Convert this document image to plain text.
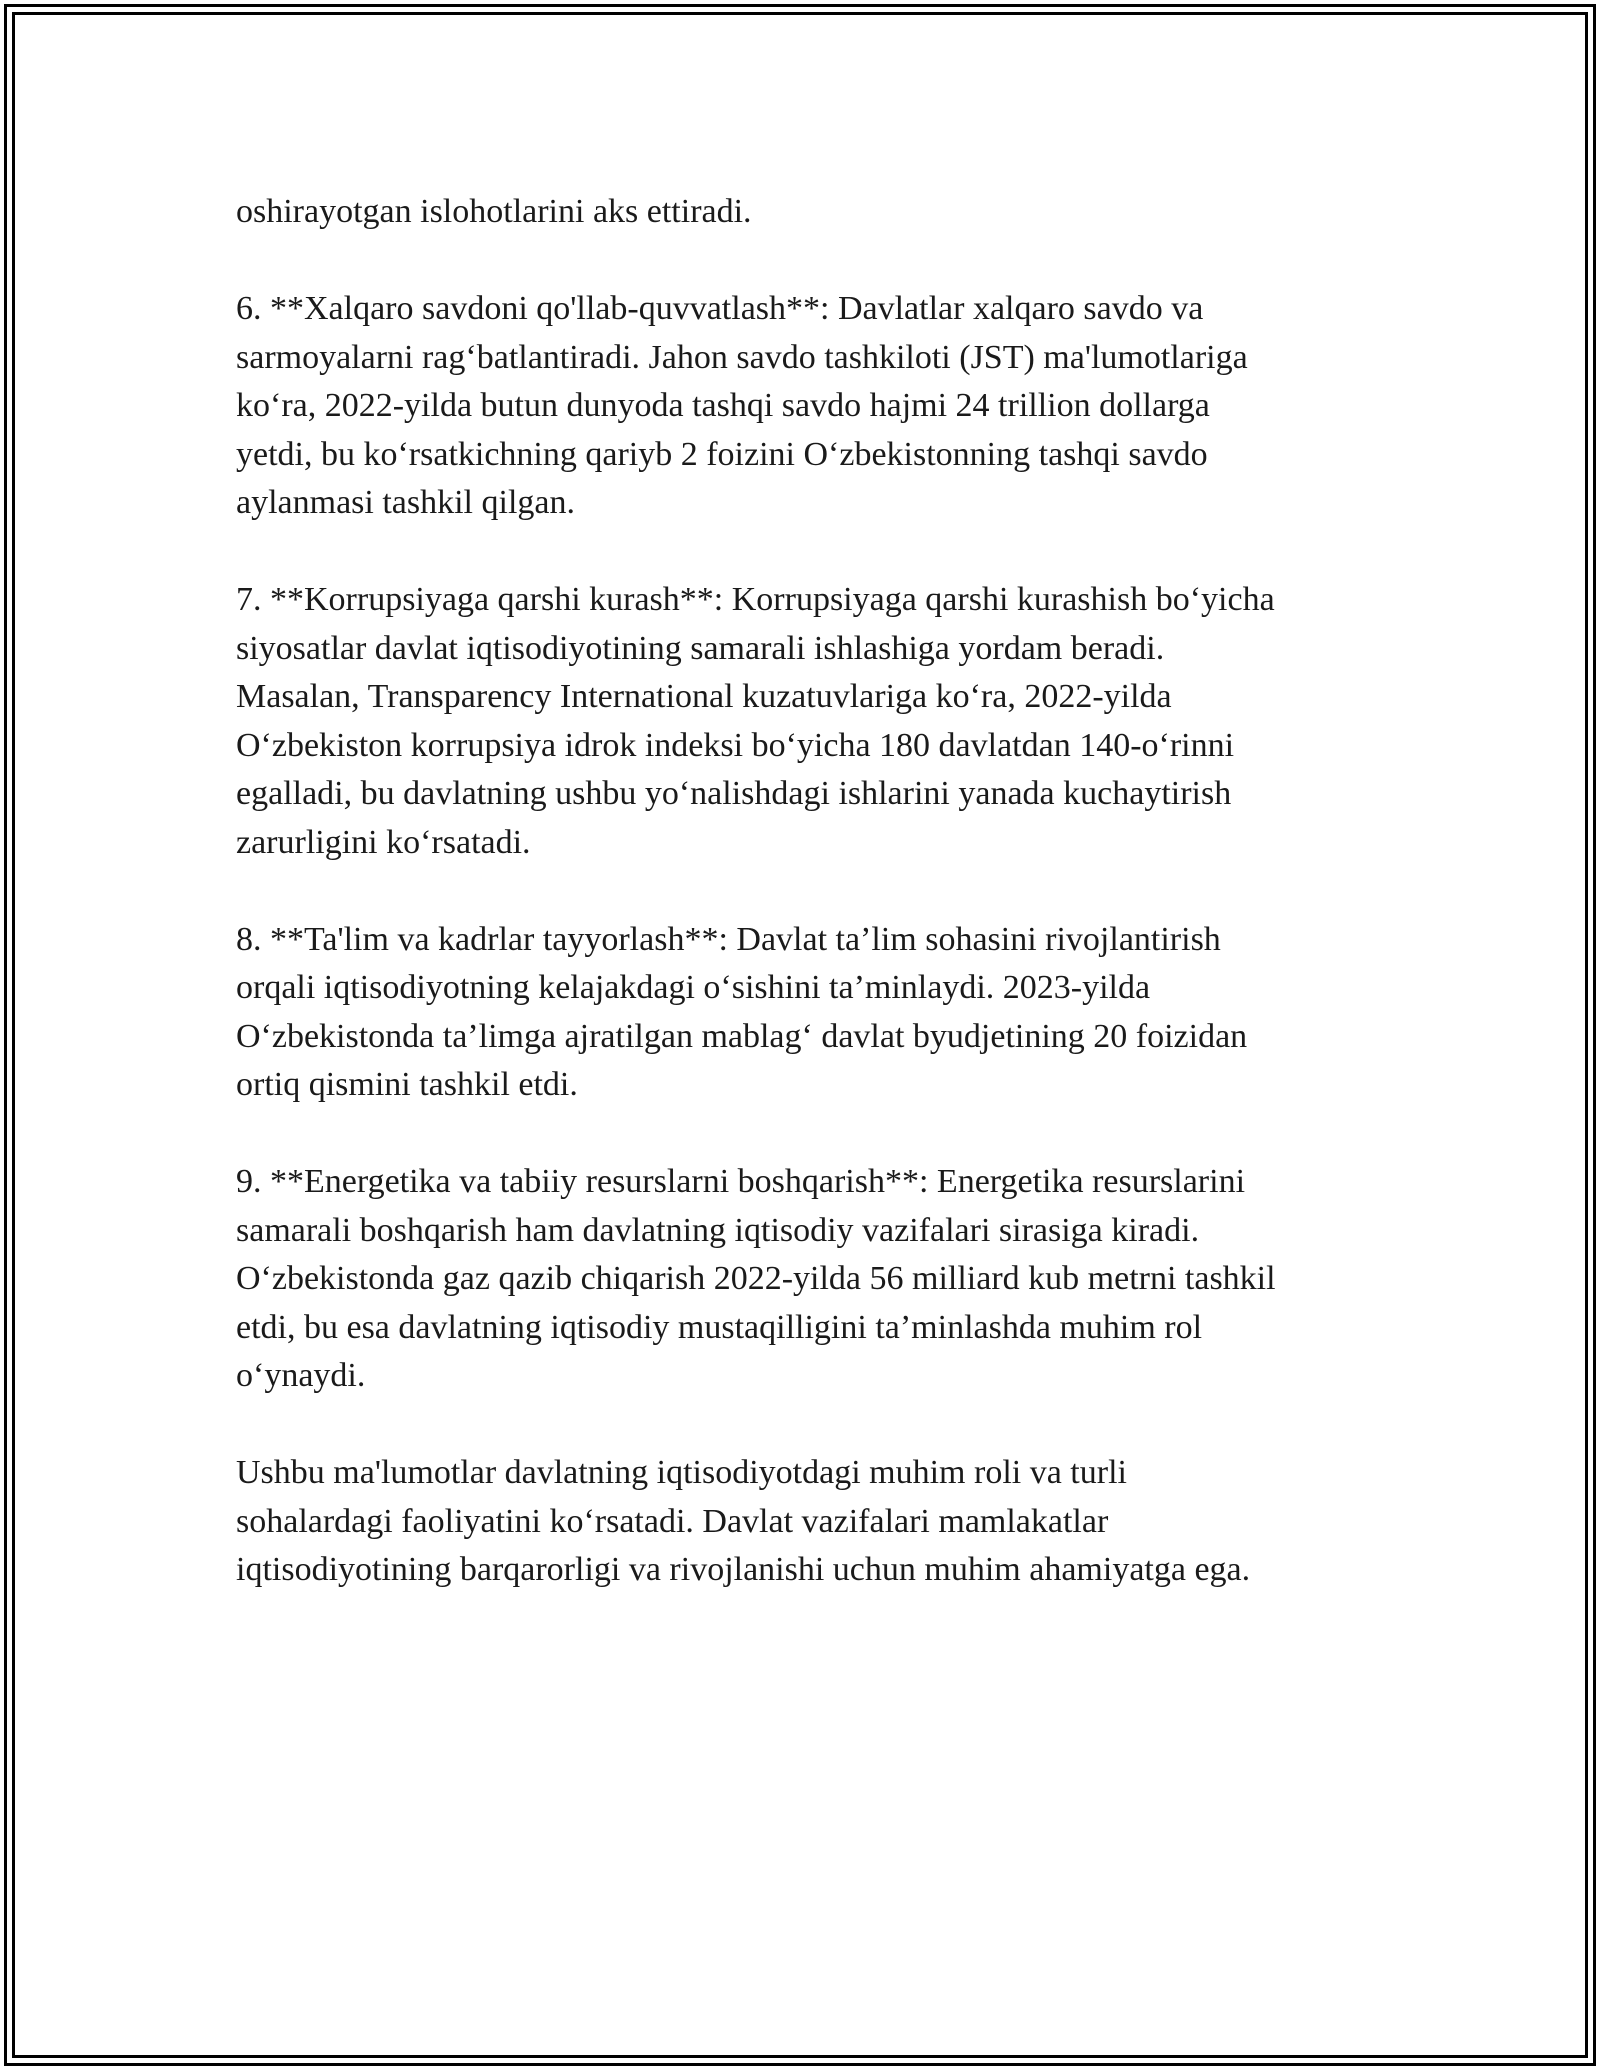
oshirayotgan islohotlarini aks ettiradi.

6. **Xalqaro savdoni qo'llab-quvvatlash**: Davlatlar xalqaro savdo va
sarmoyalarni rag‘batlantiradi. Jahon savdo tashkiloti (JST) ma'lumotlariga
ko‘ra, 2022-yilda butun dunyoda tashqi savdo hajmi 24 trillion dollarga
yetdi, bu ko‘rsatkichning qariyb 2 foizini O‘zbekistonning tashqi savdo
aylanmasi tashkil qilgan.

7. **Korrupsiyaga qarshi kurash**: Korrupsiyaga qarshi kurashish bo‘yicha
siyosatlar davlat iqtisodiyotining samarali ishlashiga yordam beradi.
Masalan, Transparency International kuzatuvlariga ko‘ra, 2022-yilda
O‘zbekiston korrupsiya idrok indeksi bo‘yicha 180 davlatdan 140-o‘rinni
egalladi, bu davlatning ushbu yo‘nalishdagi ishlarini yanada kuchaytirish
zarurligini ko‘rsatadi.

8. **Ta'lim va kadrlar tayyorlash**: Davlat ta’lim sohasini rivojlantirish
orqali iqtisodiyotning kelajakdagi o‘sishini ta’minlaydi. 2023-yilda
O‘zbekistonda ta’limga ajratilgan mablag‘ davlat byudjetining 20 foizidan
ortiq qismini tashkil etdi.

9. **Energetika va tabiiy resurslarni boshqarish**: Energetika resurslarini
samarali boshqarish ham davlatning iqtisodiy vazifalari sirasiga kiradi.
O‘zbekistonda gaz qazib chiqarish 2022-yilda 56 milliard kub metrni tashkil
etdi, bu esa davlatning iqtisodiy mustaqilligini ta’minlashda muhim rol
o‘ynaydi.

Ushbu ma'lumotlar davlatning iqtisodiyotdagi muhim roli va turli
sohalardagi faoliyatini ko‘rsatadi. Davlat vazifalari mamlakatlar
iqtisodiyotining barqarorligi va rivojlanishi uchun muhim ahamiyatga ega.
